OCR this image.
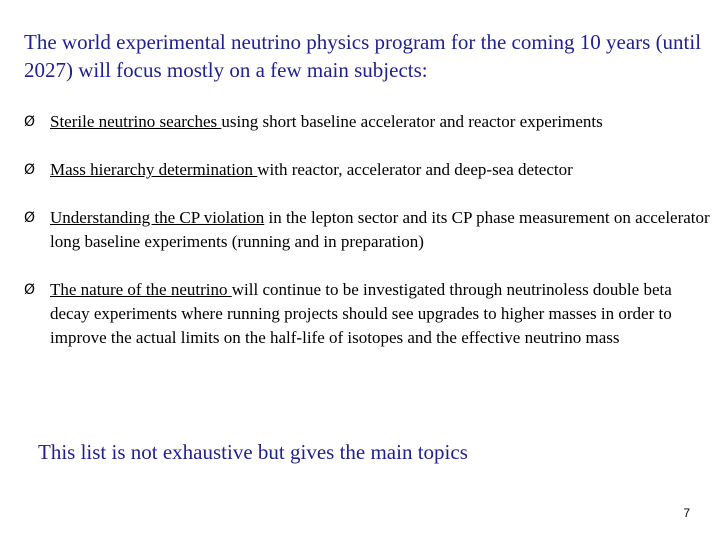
The world experimental neutrino physics program for the coming 10 years (until 2027) will focus mostly on a few main subjects:

Ø Sterile neutrino searches using short baseline accelerator and reactor experiments
Ø Mass hierarchy determination with reactor, accelerator and deep-sea detector
Ø Understanding the CP violation in the lepton sector and its CP phase measurement on accelerator long baseline experiments (running and in preparation)
Ø The nature of the neutrino will continue to be investigated through neutrinoless double beta decay experiments where running projects should see upgrades to higher masses in order to improve the actual limits on the half-life of isotopes and the effective neutrino mass

This list is not exhaustive but gives the main topics

7
